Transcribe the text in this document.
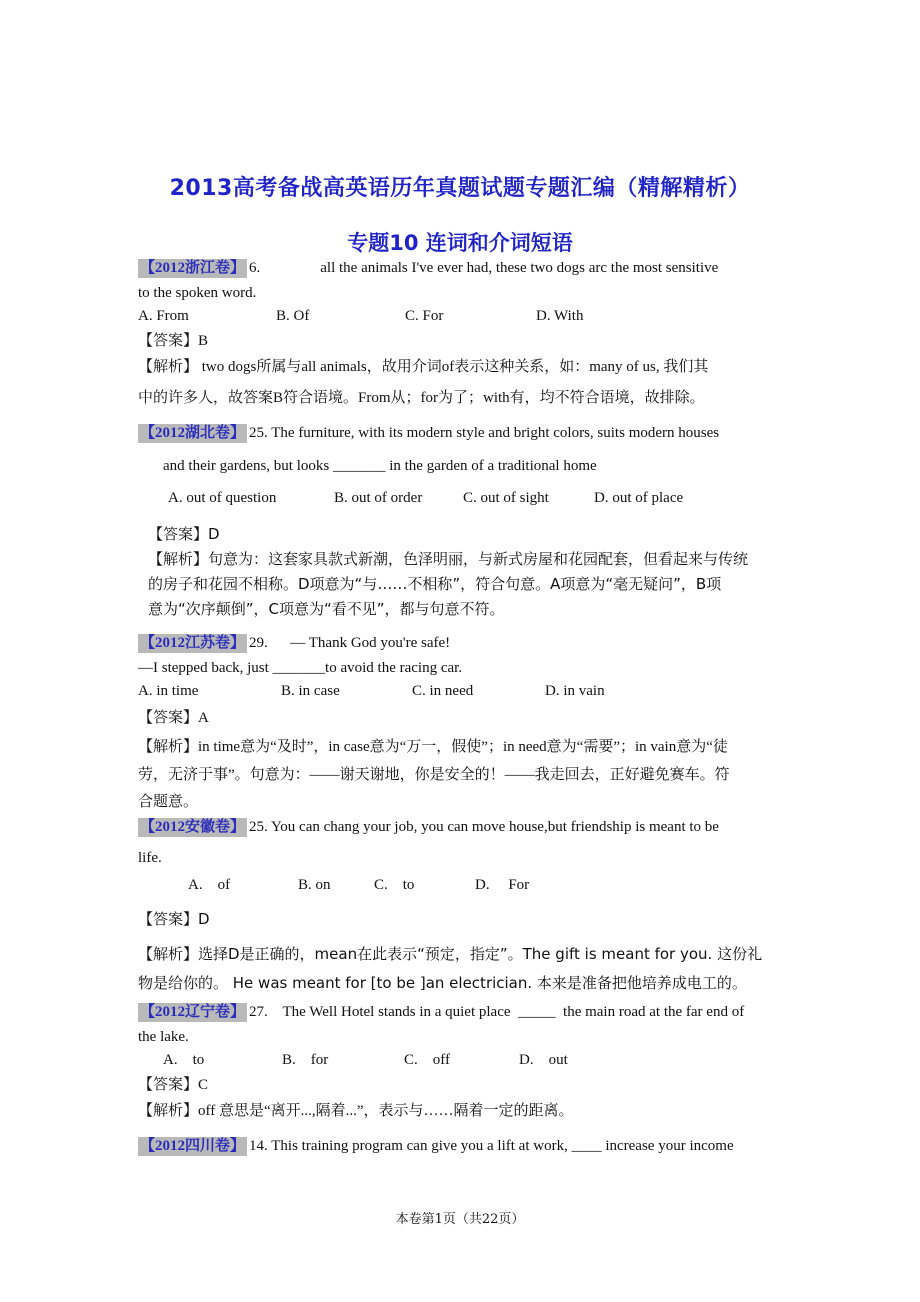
2013高考备战高英语历年真题试题专题汇编（精解精析）
专题10 连词和介词短语
【2012浙江卷】 6.                all the animals I've ever had, these two dogs arc the most sensitive
to the spoken word.
A. From	B. Of	C. For	D. With
【答案】B
【解析】 two dogs所属与all animals，故用介词of表示这种关系，如：many of us, 我们其
中的许多人，故答案B符合语境。From从；for为了；with有，均不符合语境，故排除。
【2012湖北卷】 25. The furniture, with its modern style and bright colors, suits modern houses
and their gardens, but looks _______ in the garden of a traditional home
A. out of question	B. out of order	C. out of sight	D. out of place
【答案】D
【解析】句意为：这套家具款式新潮，色泽明丽，与新式房屋和花园配套，但看起来与传统
的房子和花园不相称。D项意为“与……不相称”，符合句意。A项意为“毫无疑问”，B项
意为“次序颠倒”，C项意为“看不见”，都与句意不符。
【2012江苏卷】 29.      — Thank God you're safe!
—I stepped back, just _______to avoid the racing car.
A. in time	B. in case	C. in need	D. in vain
【答案】A
【解析】in time意为“及时”，in case意为“万一，假使”；in need意为“需要”；in vain意为“徒
劳，无济于事”。句意为：——谢天谢地，你是安全的！——我走回去，正好避免赛车。符
合题意。
【2012安徽卷】 25. You can chang your job, you can move house,but friendship is meant to be
life.
A.    of	B. on	C.    to	D.     For
【答案】D
【解析】选择D是正确的，mean在此表示“预定，指定”。The gift is meant for you. 这份礼
物是给你的。 He was meant for [to be ]an electrician. 本来是准备把他培养成电工的。
【2012辽宁卷】 27.    The Well Hotel stands in a quiet place  _____  the main road at the far end of
the lake.
A.    to	B.    for	C.    off	D.    out
【答案】C
【解析】off 意思是“离开...,隔着...”，表示与……隔着一定的距离。
【2012四川卷】 14. This training program can give you a lift at work, ____ increase your income
本卷第1页（共22页）
